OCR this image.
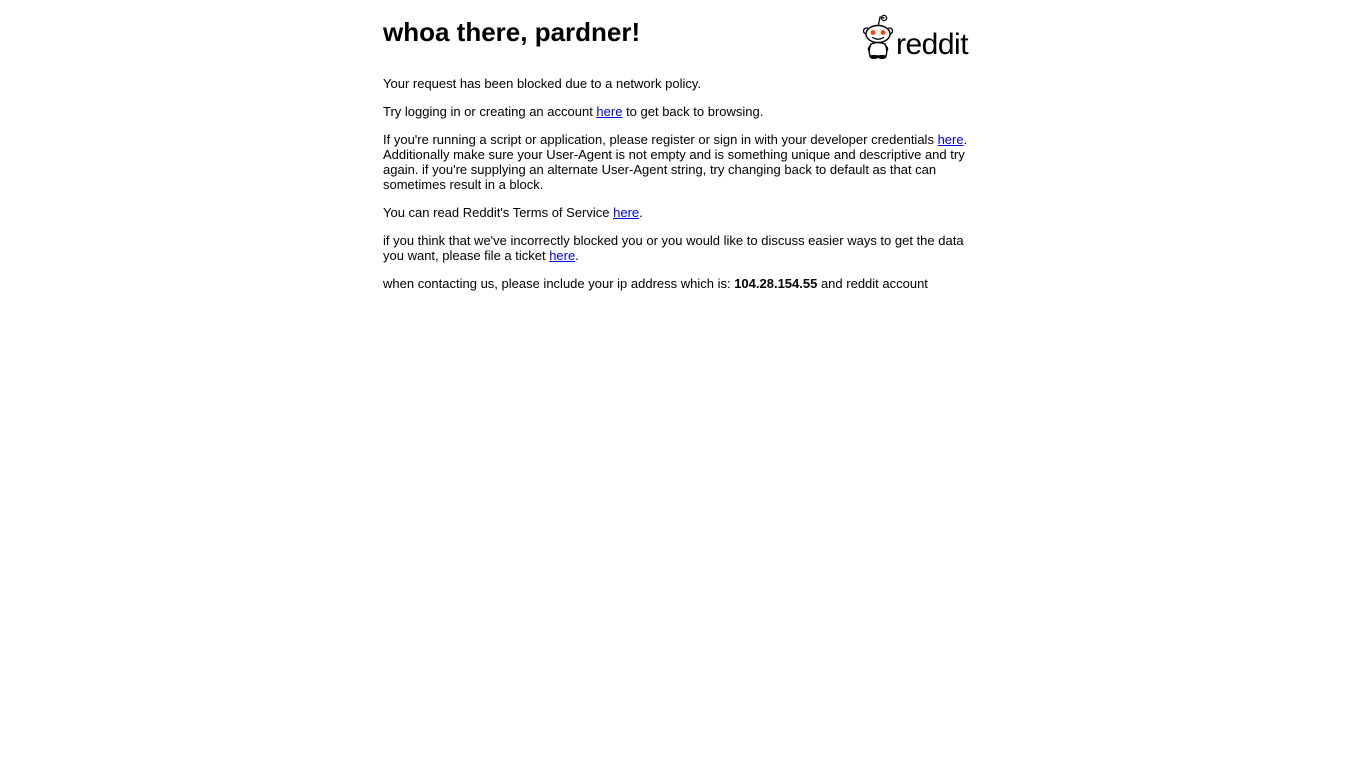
whoa there, pardner!	reddit

Your request has been blocked due to a network policy.

Try logging in or creating an account here to get back to browsing.

If you're running a script or application, please register or sign in with your developer credentials here. Additionally make sure your User-Agent is not empty and is something unique and descriptive and try again. if you're supplying an alternate User-Agent string, try changing back to default as that can sometimes result in a block.

You can read Reddit's Terms of Service here.

if you think that we've incorrectly blocked you or you would like to discuss easier ways to get the data you want, please file a ticket here.

when contacting us, please include your ip address which is: 104.28.154.55 and reddit account
